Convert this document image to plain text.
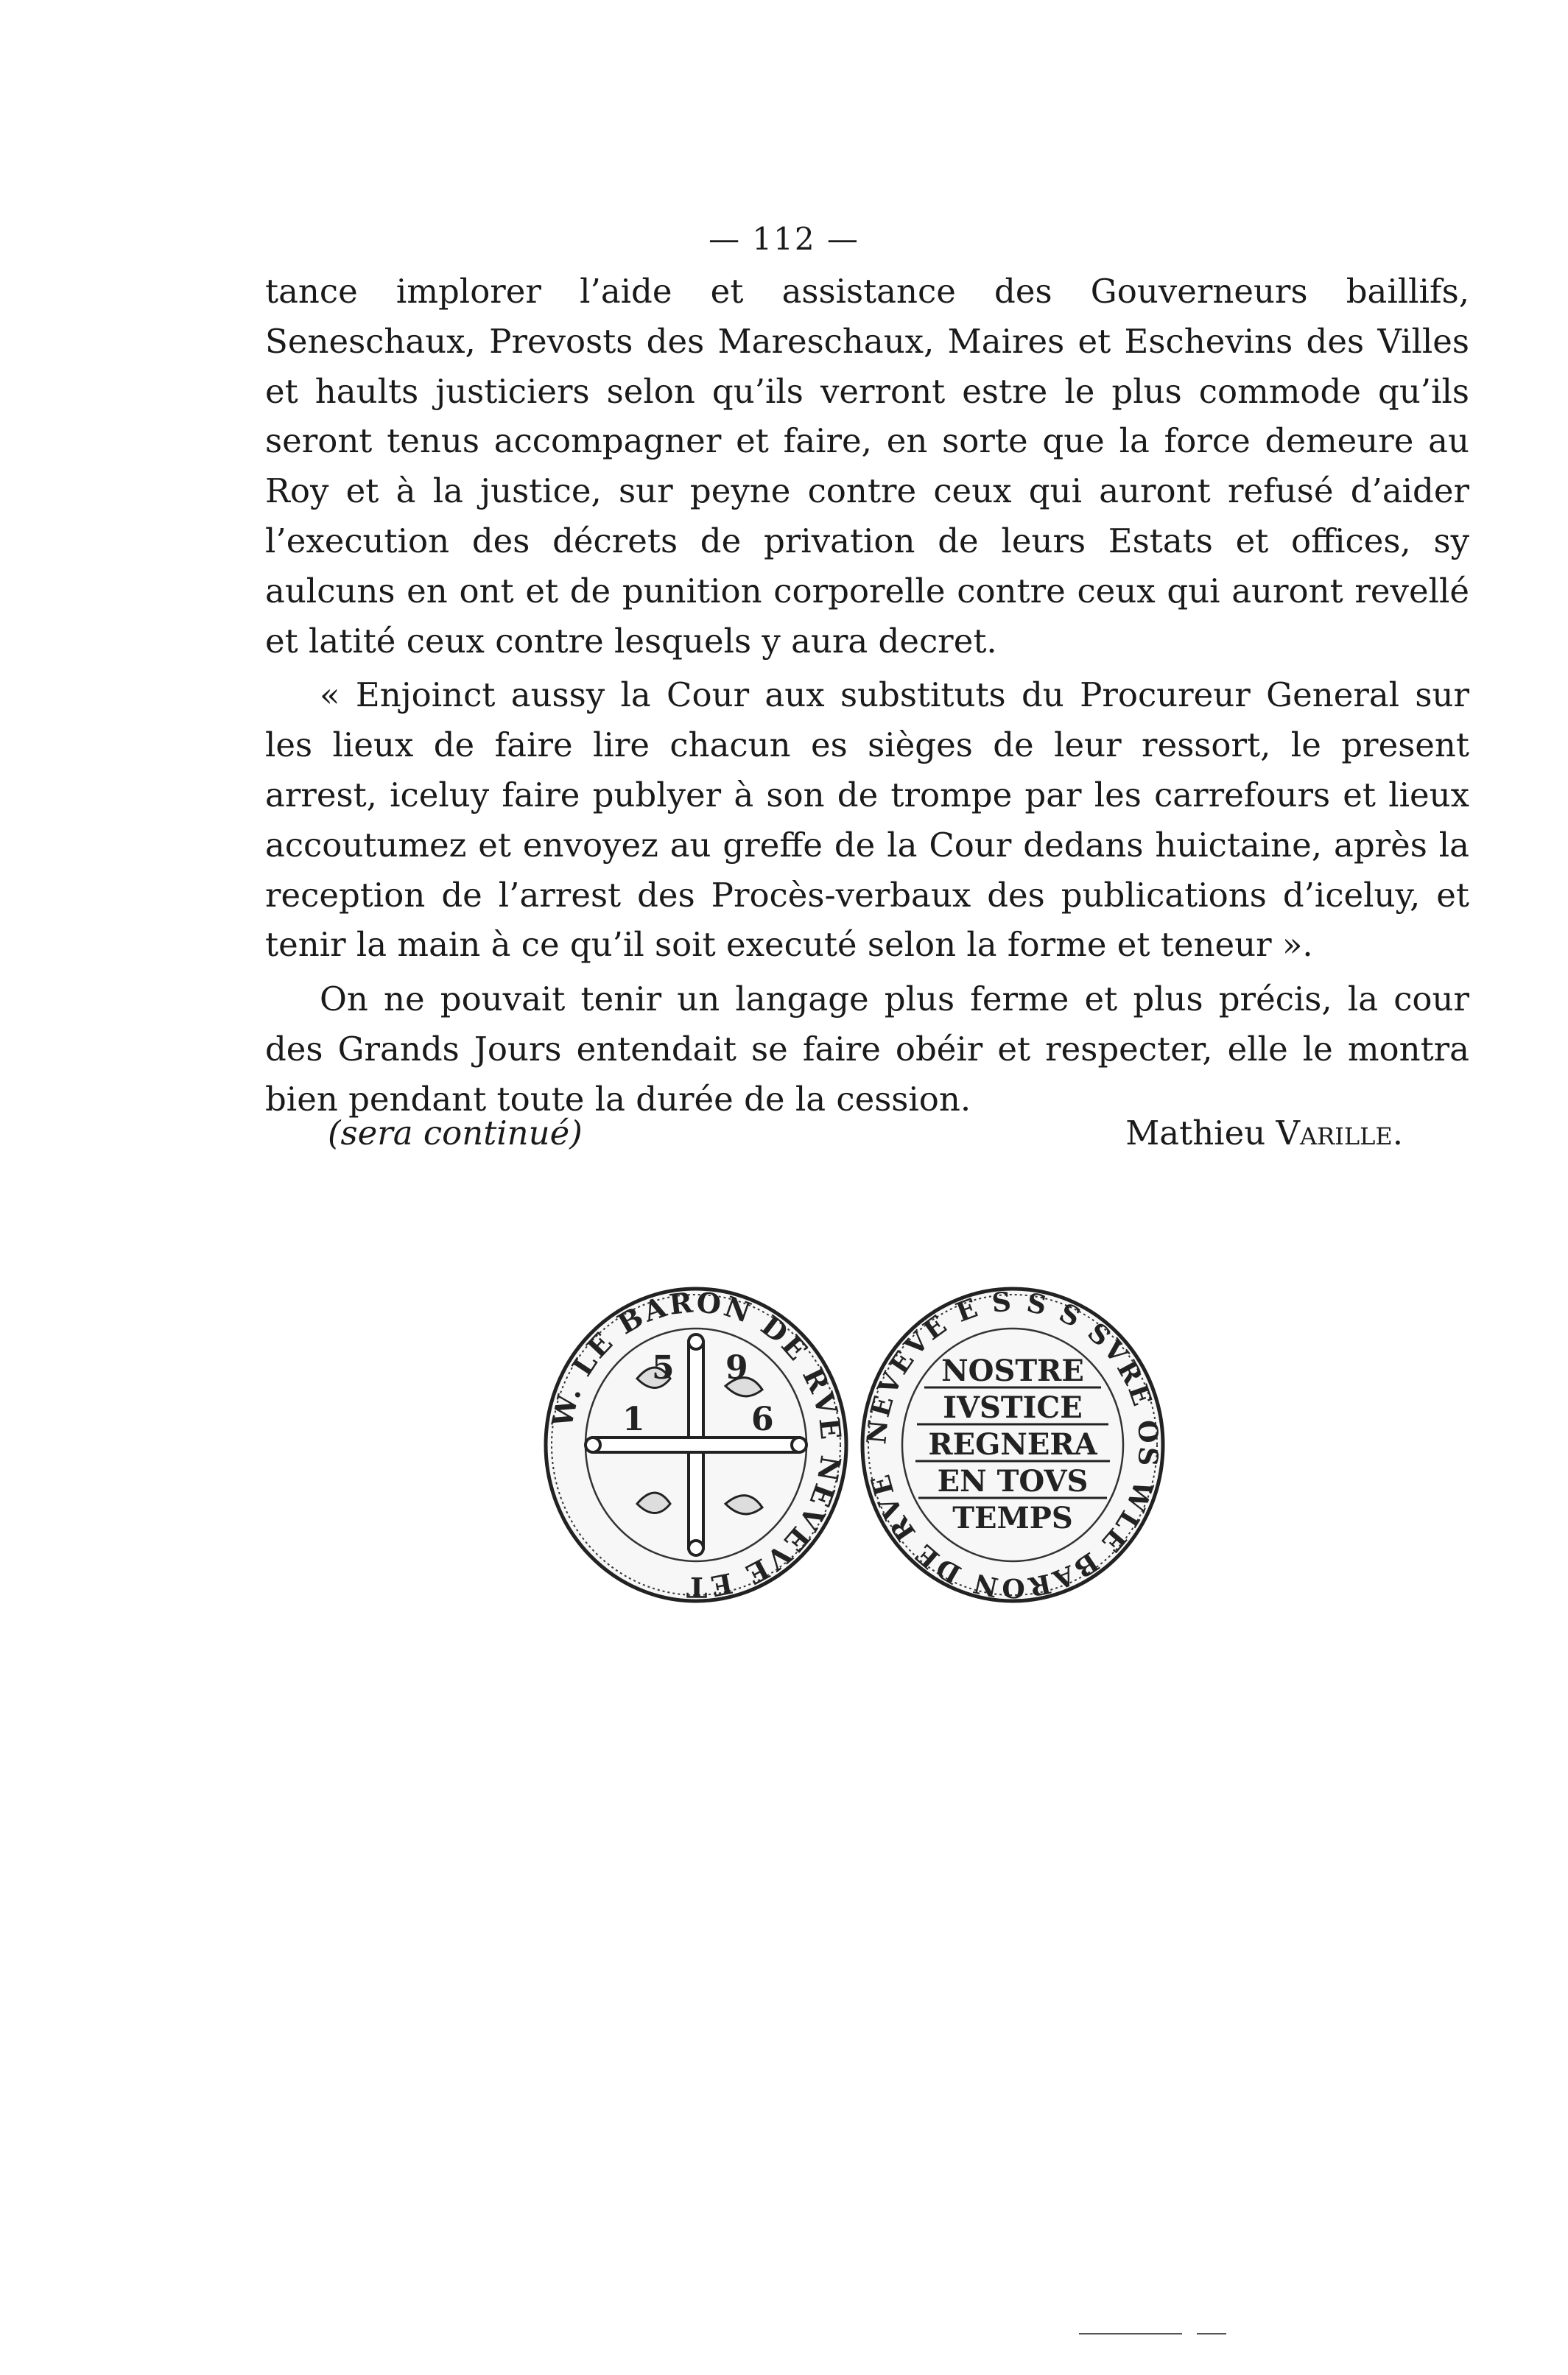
— 112 —

tance implorer l’aide et assistance des Gouverneurs baillifs, Seneschaux, Prevosts des Mareschaux, Maires et Eschevins des Villes et haults justiciers selon qu’ils verront estre le plus commode qu’ils seront tenus accompagner et faire, en sorte que la force demeure au Roy et à la justice, sur peyne contre ceux qui auront refusé d’aider l’execution des décrets de privation de leurs Estats et offices, sy aulcuns en ont et de punition corporelle contre ceux qui auront revellé et latité ceux contre lesquels y aura decret.

« Enjoinct aussy la Cour aux substituts du Procureur General sur les lieux de faire lire chacun es sièges de leur ressort, le present arrest, iceluy faire publyer à son de trompe par les carrefours et lieux accoutumez et envoyez au greffe de la Cour dedans huictaine, après la reception de l’arrest des Procès-verbaux des publications d’iceluy, et tenir la main à ce qu’il soit executé selon la forme et teneur ».

On ne pouvait tenir un langage plus ferme et plus précis, la cour des Grands Jours entendait se faire obéir et respecter, elle le montra bien pendant toute la durée de la cession.

(sera continué)	Mathieu Varille.
W. LE BARON DE RVE NEVEVE ET
1
5 9
6	NEVEVE E S S S SVRE OS WLE BARON DE RVE
NOSTRE
IVSTICE
REGNERA
EN TOVS
TEMPS
